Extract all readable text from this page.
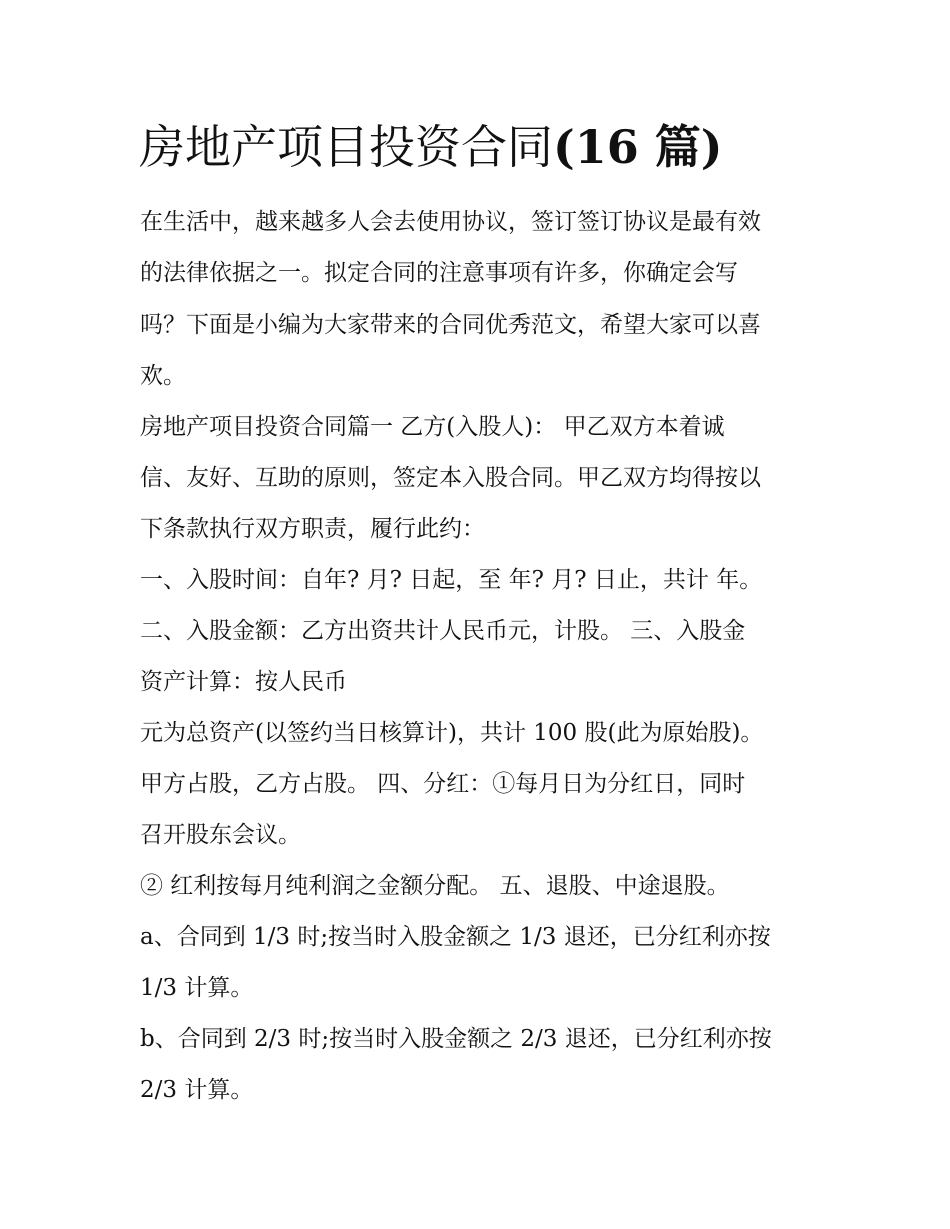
房地产项目投资合同(16 篇)

在生活中，越来越多人会去使用协议，签订签订协议是最有效

的法律依据之一。拟定合同的注意事项有许多，你确定会写

吗？下面是小编为大家带来的合同优秀范文，希望大家可以喜

欢。

房地产项目投资合同篇一 乙方(入股人)： 甲乙双方本着诚

信、友好、互助的原则，签定本入股合同。甲乙双方均得按以

下条款执行双方职责，履行此约：

一、入股时间：自年? 月? 日起，至 年? 月? 日止，共计 年。

二、入股金额：乙方出资共计人民币元，计股。 三、入股金

资产计算：按人民币

元为总资产(以签约当日核算计)，共计 100 股(此为原始股)。

甲方占股，乙方占股。 四、分红：①每月日为分红日，同时

召开股东会议。

② 红利按每月纯利润之金额分配。 五、退股、中途退股。

a、合同到 1/3 时;按当时入股金额之 1/3 退还，已分红利亦按

1/3 计算。

b、合同到 2/3 时;按当时入股金额之 2/3 退还，已分红利亦按

2/3 计算。
